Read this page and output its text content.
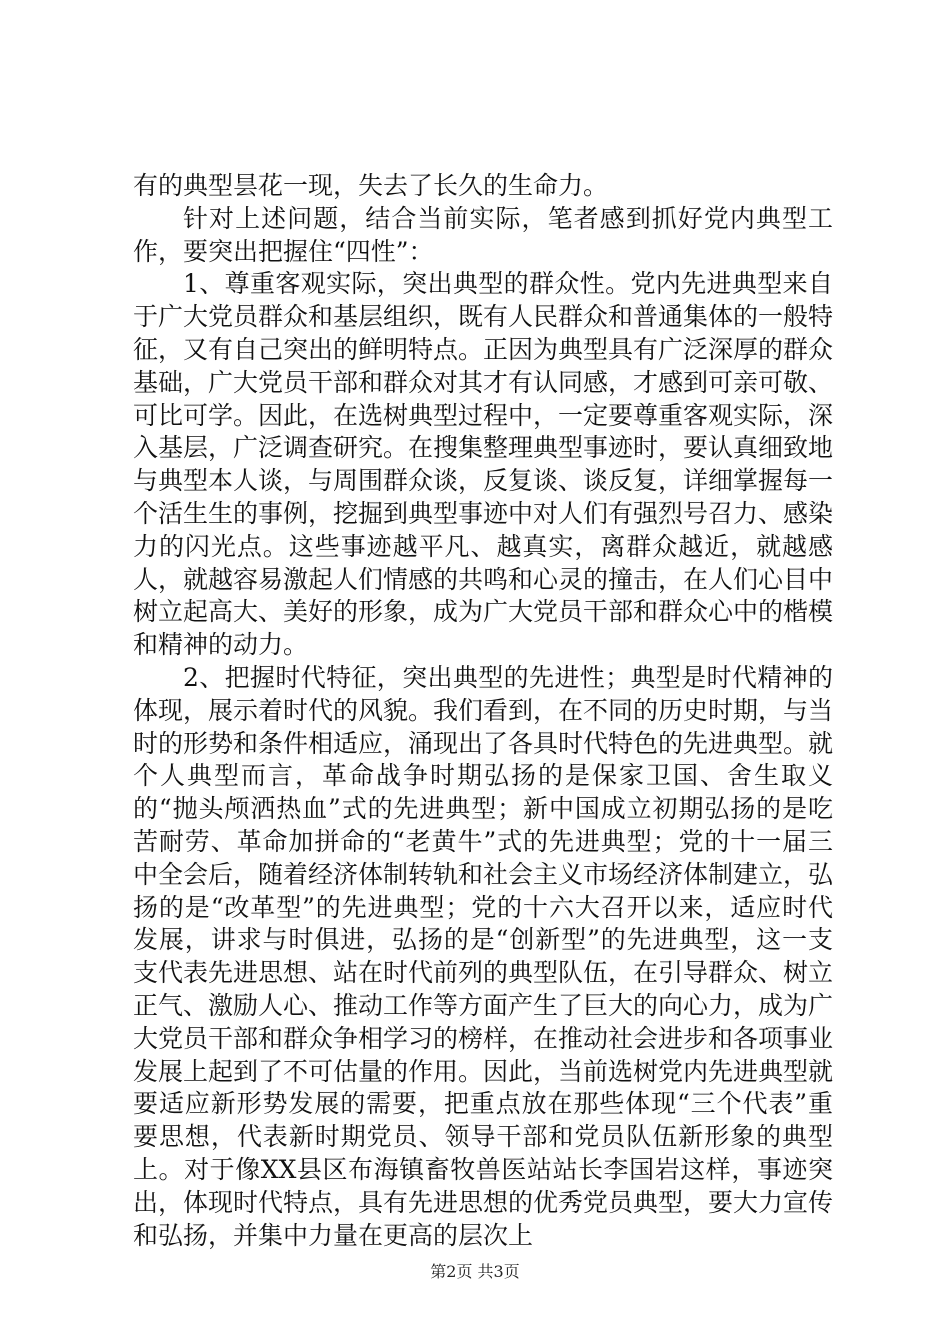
有的典型昙花一现，失去了长久的生命力。

针对上述问题，结合当前实际，笔者感到抓好党内典型工作，要突出把握住“四性”：

1、尊重客观实际，突出典型的群众性。党内先进典型来自于广大党员群众和基层组织，既有人民群众和普通集体的一般特征，又有自己突出的鲜明特点。正因为典型具有广泛深厚的群众基础，广大党员干部和群众对其才有认同感，才感到可亲可敬、可比可学。因此，在选树典型过程中，一定要尊重客观实际，深入基层，广泛调查研究。在搜集整理典型事迹时，要认真细致地与典型本人谈，与周围群众谈，反复谈、谈反复，详细掌握每一个活生生的事例，挖掘到典型事迹中对人们有强烈号召力、感染力的闪光点。这些事迹越平凡、越真实，离群众越近，就越感人，就越容易激起人们情感的共鸣和心灵的撞击，在人们心目中树立起高大、美好的形象，成为广大党员干部和群众心中的楷模和精神的动力。

2、把握时代特征，突出典型的先进性；典型是时代精神的体现，展示着时代的风貌。我们看到，在不同的历史时期，与当时的形势和条件相适应，涌现出了各具时代特色的先进典型。就个人典型而言，革命战争时期弘扬的是保家卫国、舍生取义的“抛头颅洒热血”式的先进典型；新中国成立初期弘扬的是吃苦耐劳、革命加拼命的“老黄牛”式的先进典型；党的十一届三中全会后，随着经济体制转轨和社会主义市场经济体制建立，弘扬的是“改革型”的先进典型；党的十六大召开以来，适应时代发展，讲求与时俱进，弘扬的是“创新型”的先进典型，这一支支代表先进思想、站在时代前列的典型队伍，在引导群众、树立正气、激励人心、推动工作等方面产生了巨大的向心力，成为广大党员干部和群众争相学习的榜样，在推动社会进步和各项事业发展上起到了不可估量的作用。因此，当前选树党内先进典型就要适应新形势发展的需要，把重点放在那些体现“三个代表”重要思想，代表新时期党员、领导干部和党员队伍新形象的典型上。对于像XX县区布海镇畜牧兽医站站长李国岩这样，事迹突出，体现时代特点，具有先进思想的优秀党员典型，要大力宣传和弘扬，并集中力量在更高的层次上

第2页 共3页
